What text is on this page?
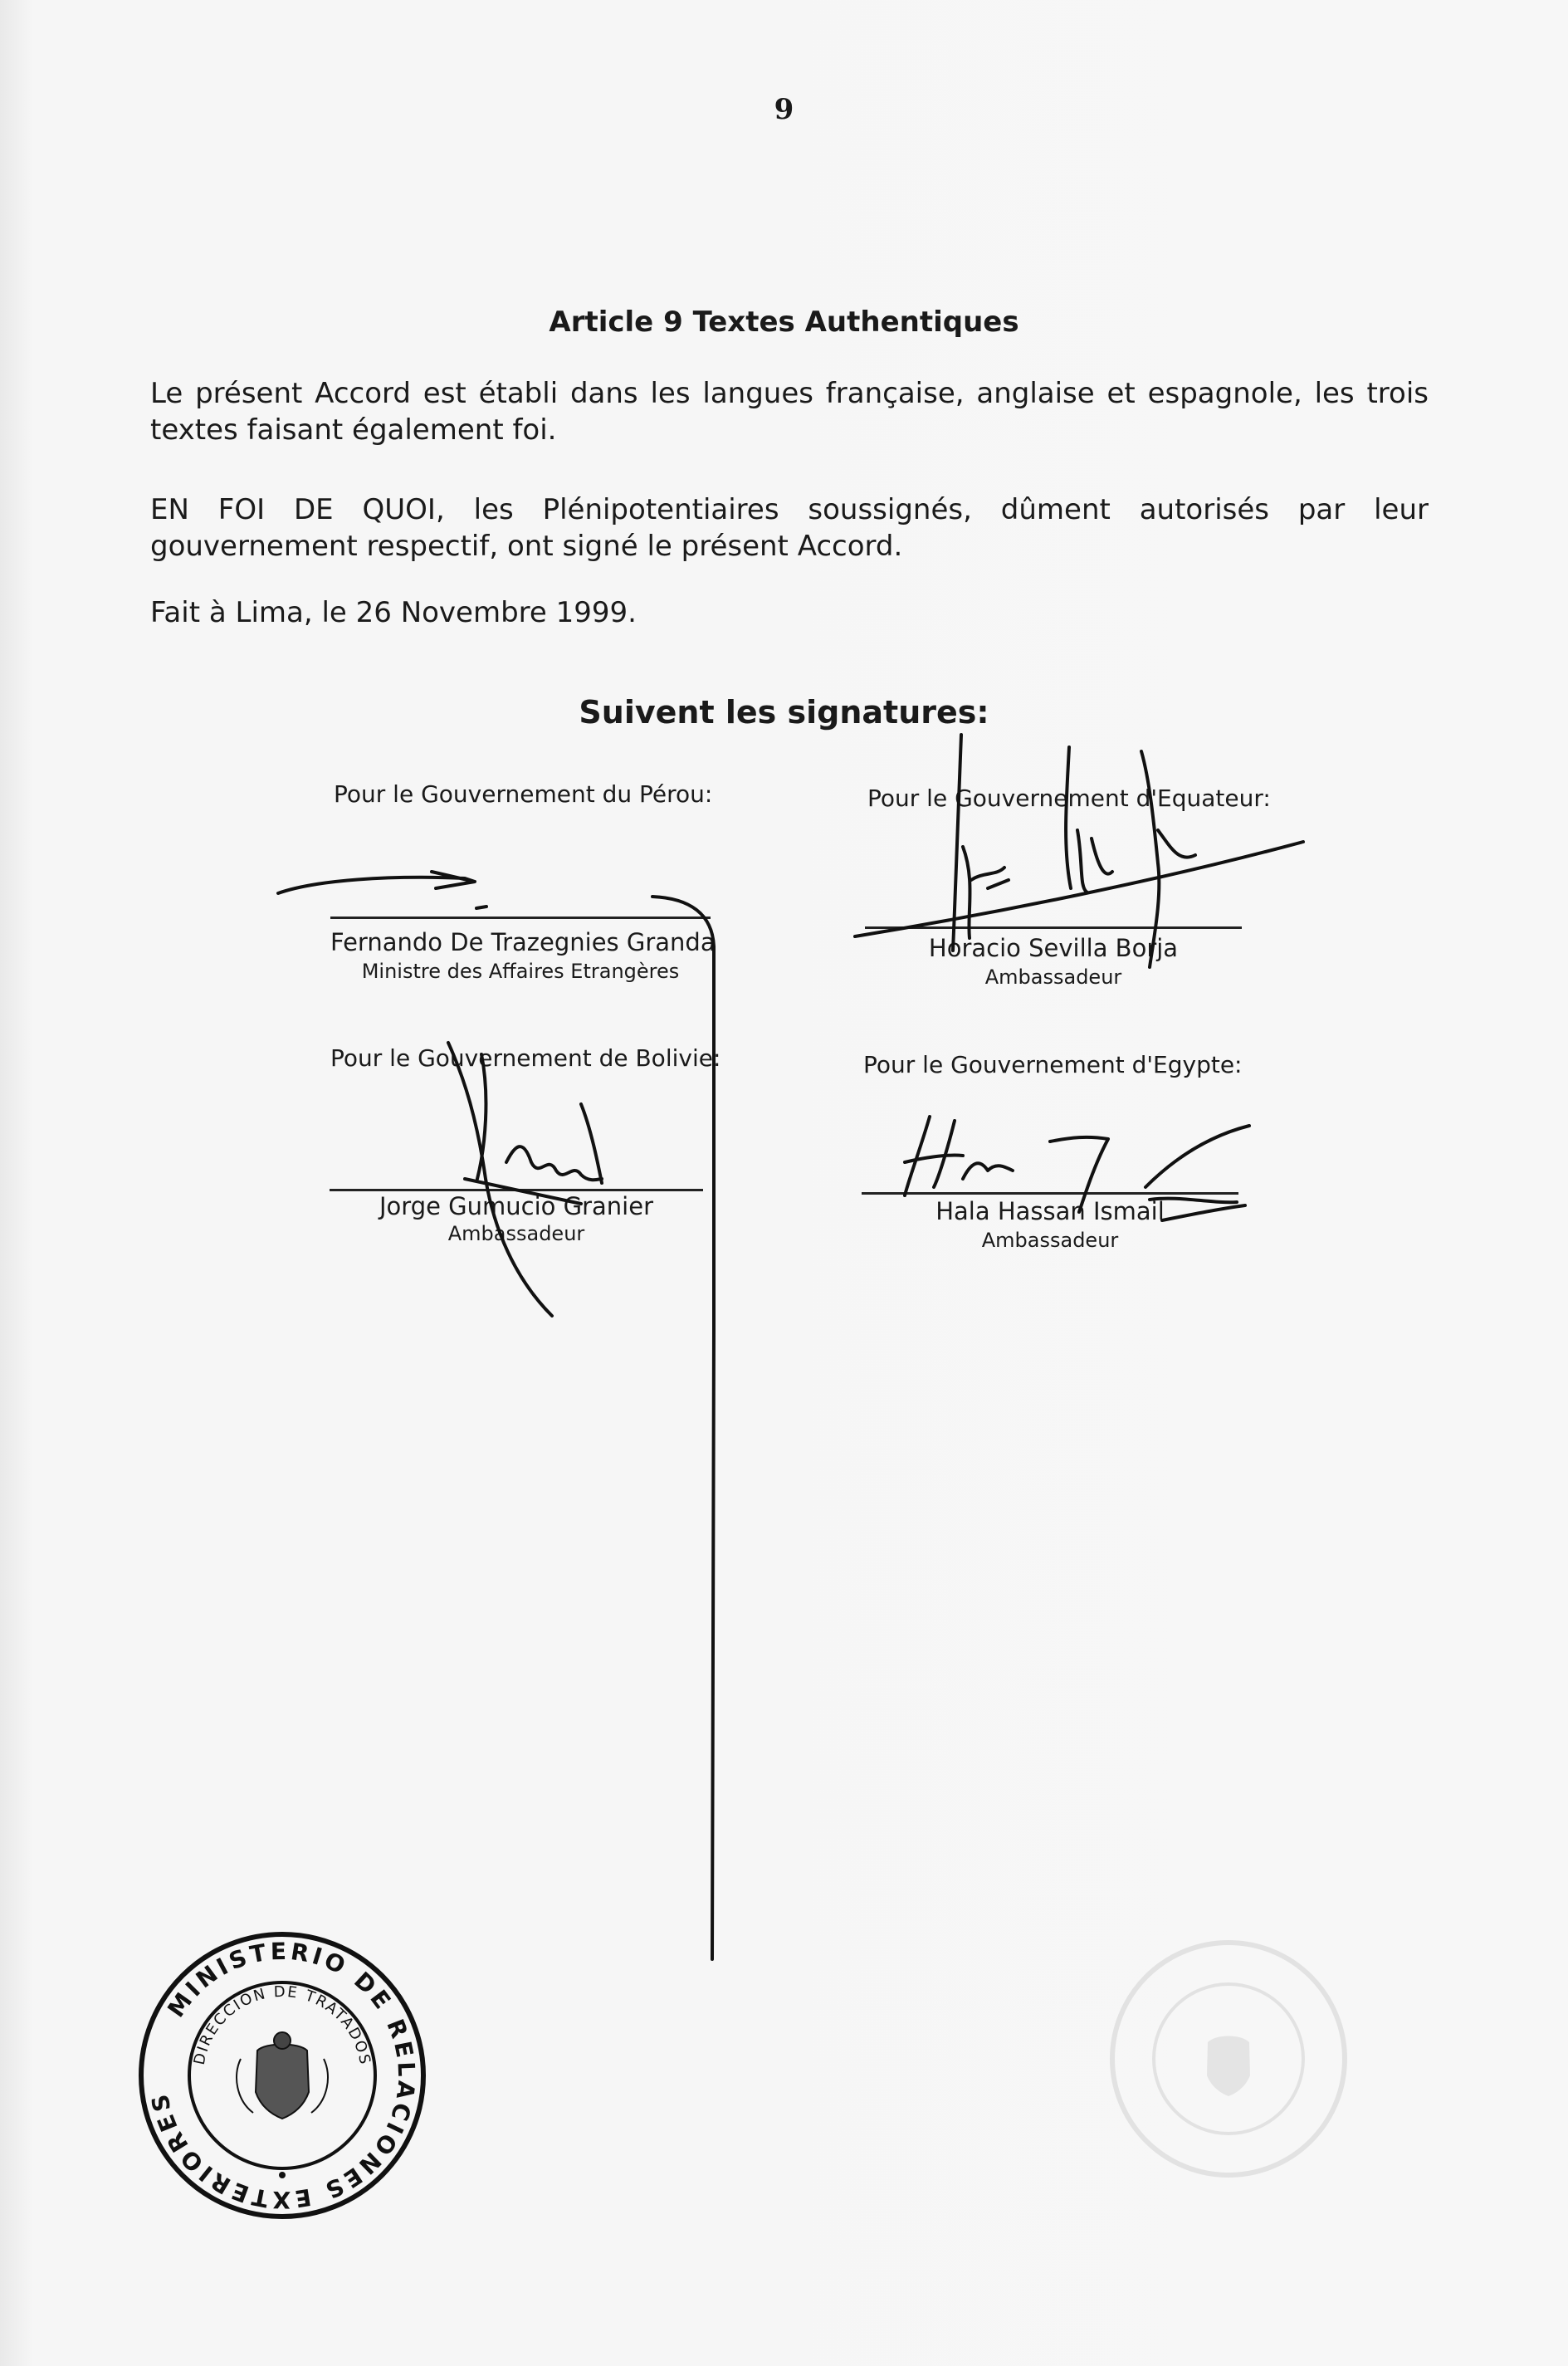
9
Article 9 Textes Authentiques
Le présent Accord est établi dans les langues française, anglaise et espagnole, les trois textes faisant également foi.
EN FOI DE QUOI, les Plénipotentiaires soussignés, dûment autorisés par leur gouvernement respectif, ont signé le présent Accord.
Fait à Lima, le 26 Novembre 1999.
Suivent les signatures:
Pour le Gouvernement du Pérou:
Fernando De Trazegnies Granda
Ministre des Affaires Etrangères
Pour le Gouvernement d'Equateur:
Horacio Sevilla Borja
Ambassadeur
Pour le Gouvernement de Bolivie:
Jorge Gumucio Granier
Ambassadeur
Pour le Gouvernement d'Egypte:
Hala Hassan Ismail
Ambassadeur
MINISTERIO DE RELACIONES EXTERIORES
DIRECCION DE TRATADOS
